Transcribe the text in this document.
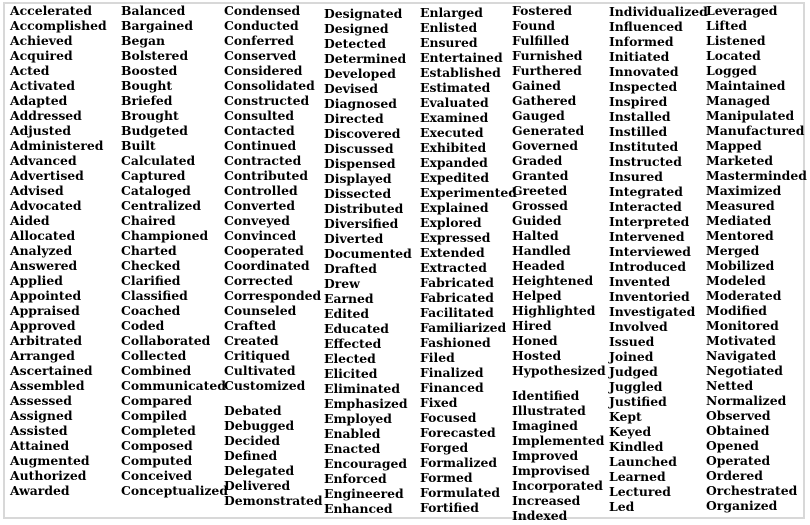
Accelerated
Accomplished
Achieved
Acquired
Acted
Activated
Adapted
Addressed
Adjusted
Administered
Advanced
Advertised
Advised
Advocated
Aided
Allocated
Analyzed
Answered
Applied
Appointed
Appraised
Approved
Arbitrated
Arranged
Ascertained
Assembled
Assessed
Assigned
Assisted
Attained
Augmented
Authorized
Awarded
Balanced
Bargained
Began
Bolstered
Boosted
Bought
Briefed
Brought
Budgeted
Built
Calculated
Captured
Cataloged
Centralized
Chaired
Championed
Charted
Checked
Clarified
Classified
Coached
Coded
Collaborated
Collected
Combined
Communicated
Compared
Compiled
Completed
Composed
Computed
Conceived
Conceptualized
Condensed
Conducted
Conferred
Conserved
Considered
Consolidated
Constructed
Consulted
Contacted
Continued
Contracted
Contributed
Controlled
Converted
Conveyed
Convinced
Cooperated
Coordinated
Corrected
Corresponded
Counseled
Crafted
Created
Critiqued
Cultivated
Customized
Debated
Debugged
Decided
Defined
Delegated
Delivered
Demonstrated
Designated
Designed
Detected
Determined
Developed
Devised
Diagnosed
Directed
Discovered
Discussed
Dispensed
Displayed
Dissected
Distributed
Diversified
Diverted
Documented
Drafted
Drew
Earned
Edited
Educated
Effected
Elected
Elicited
Eliminated
Emphasized
Employed
Enabled
Enacted
Encouraged
Enforced
Engineered
Enhanced
Enlarged
Enlisted
Ensured
Entertained
Established
Estimated
Evaluated
Examined
Executed
Exhibited
Expanded
Expedited
Experimented
Explained
Explored
Expressed
Extended
Extracted
Fabricated
Fabricated
Facilitated
Familiarized
Fashioned
Filed
Finalized
Financed
Fixed
Focused
Forecasted
Forged
Formalized
Formed
Formulated
Fortified
Fostered
Found
Fulfilled
Furnished
Furthered
Gained
Gathered
Gauged
Generated
Governed
Graded
Granted
Greeted
Grossed
Guided
Halted
Handled
Headed
Heightened
Helped
Highlighted
Hired
Honed
Hosted
Hypothesized
Identified
Illustrated
Imagined
Implemented
Improved
Improvised
Incorporated
Increased
Indexed
Individualized
Influenced
Informed
Initiated
Innovated
Inspected
Inspired
Installed
Instilled
Instituted
Instructed
Insured
Integrated
Interacted
Interpreted
Intervened
Interviewed
Introduced
Invented
Inventoried
Investigated
Involved
Issued
Joined
Judged
Juggled
Justified
Kept
Keyed
Kindled
Launched
Learned
Lectured
Led
Leveraged
Lifted
Listened
Located
Logged
Maintained
Managed
Manipulated
Manufactured
Mapped
Marketed
Masterminded
Maximized
Measured
Mediated
Mentored
Merged
Mobilized
Modeled
Moderated
Modified
Monitored
Motivated
Navigated
Negotiated
Netted
Normalized
Observed
Obtained
Opened
Operated
Ordered
Orchestrated
Organized
